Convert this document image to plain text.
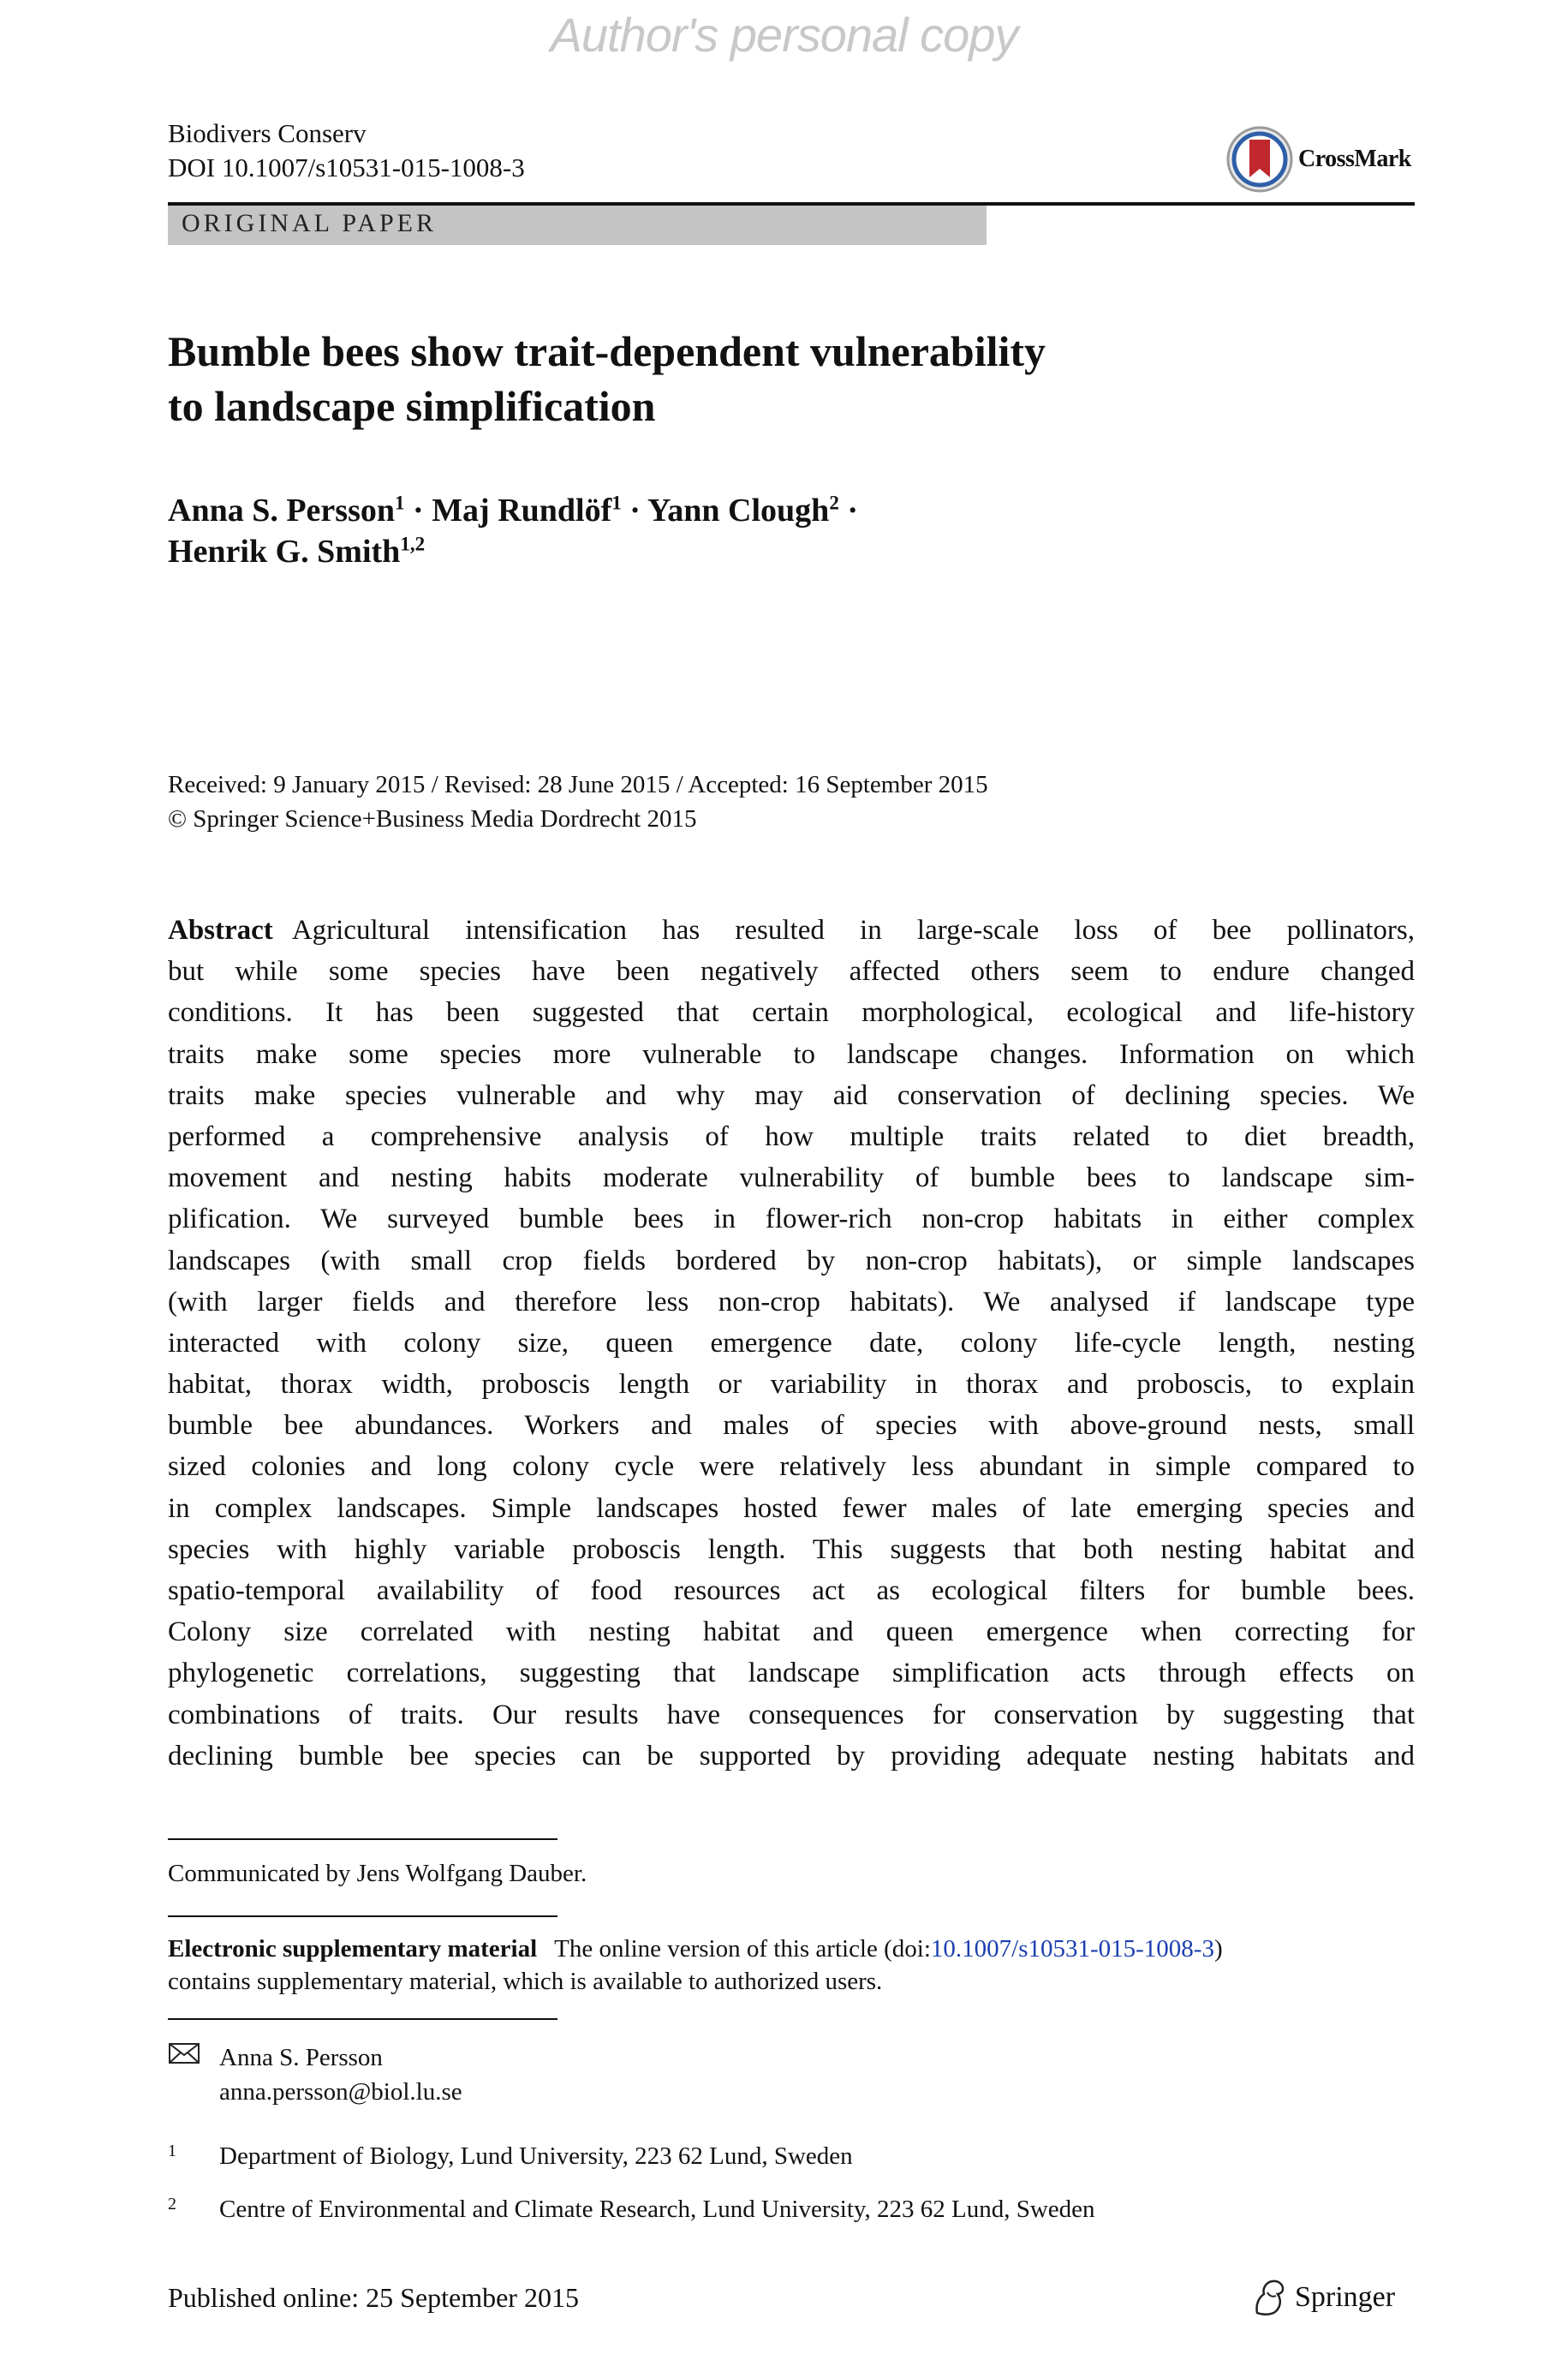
Author's personal copy
Biodivers Conserv
DOI 10.1007/s10531-015-1008-3	CrossMark
ORIGINAL PAPER
Bumble bees show trait-dependent vulnerability
to landscape simplification
Anna S. Persson$^1$ · Maj Rundlöf$^1$ · Yann Clough$^2$ ·
Henrik G. Smith$^{1,2}$
Received: 9 January 2015 / Revised: 28 June 2015 / Accepted: 16 September 2015
© Springer Science+Business Media Dordrecht 2015
Abstract Agricultural intensification has resulted in large-scale loss of bee pollinators,
but while some species have been negatively affected others seem to endure changed
conditions. It has been suggested that certain morphological, ecological and life-history
traits make some species more vulnerable to landscape changes. Information on which
traits make species vulnerable and why may aid conservation of declining species. We
performed a comprehensive analysis of how multiple traits related to diet breadth,
movement and nesting habits moderate vulnerability of bumble bees to landscape sim-
plification. We surveyed bumble bees in flower-rich non-crop habitats in either complex
landscapes (with small crop fields bordered by non-crop habitats), or simple landscapes
(with larger fields and therefore less non-crop habitats). We analysed if landscape type
interacted with colony size, queen emergence date, colony life-cycle length, nesting
habitat, thorax width, proboscis length or variability in thorax and proboscis, to explain
bumble bee abundances. Workers and males of species with above-ground nests, small
sized colonies and long colony cycle were relatively less abundant in simple compared to
in complex landscapes. Simple landscapes hosted fewer males of late emerging species and
species with highly variable proboscis length. This suggests that both nesting habitat and
spatio-temporal availability of food resources act as ecological filters for bumble bees.
Colony size correlated with nesting habitat and queen emergence when correcting for
phylogenetic correlations, suggesting that landscape simplification acts through effects on
combinations of traits. Our results have consequences for conservation by suggesting that
declining bumble bee species can be supported by providing adequate nesting habitats and
Communicated by Jens Wolfgang Dauber.
Electronic supplementary material The online version of this article (doi:10.1007/s10531-015-1008-3)
contains supplementary material, which is available to authorized users.
Anna S. Persson
anna.persson@biol.lu.se
1	Department of Biology, Lund University, 223 62 Lund, Sweden
2	Centre of Environmental and Climate Research, Lund University, 223 62 Lund, Sweden
Published online: 25 September 2015	Springer
